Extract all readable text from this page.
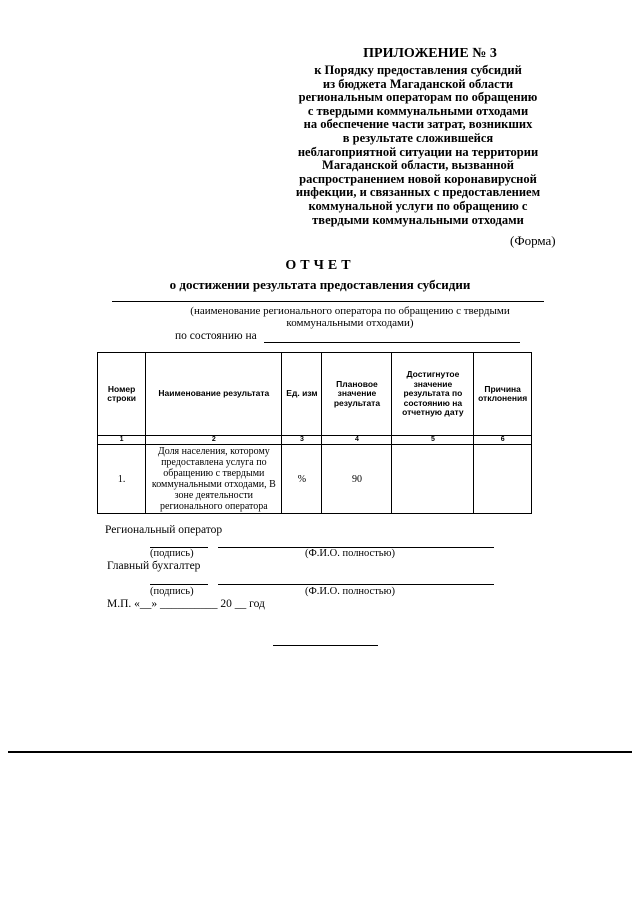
ПРИЛОЖЕНИЕ № 3
к Порядку предоставления субсидий
из бюджета Магаданской области
региональным операторам по обращению
с твердыми коммунальными отходами
на обеспечение части затрат, возникших
в результате сложившейся
неблагоприятной ситуации на территории
Магаданской области, вызванной
распространением новой коронавирусной
инфекции, и связанных с предоставлением
коммунальной услуги по обращению с
твердыми коммунальными отходами
(Форма)
ОТЧЕТ
о достижении результата предоставления субсидии
(наименование регионального оператора по обращению с твердыми
коммунальными отходами)
по состоянию на
Номер строки	Наименование результата	Ед. изм	Плановое значение результата	Достигнутое значение результата по состоянию на отчетную дату	Причина отклонения
1	2	3	4	5	6
1.	Доля населения, которому предоставлена услуга по обращению с твердыми коммунальными отходами, В зоне деятельности регионального оператора	%	90		
Региональный оператор
(подпись)	(Ф.И.О. полностью)
Главный бухгалтер
(подпись)	(Ф.И.О. полностью)
М.П. «__» __________ 20 __ год
